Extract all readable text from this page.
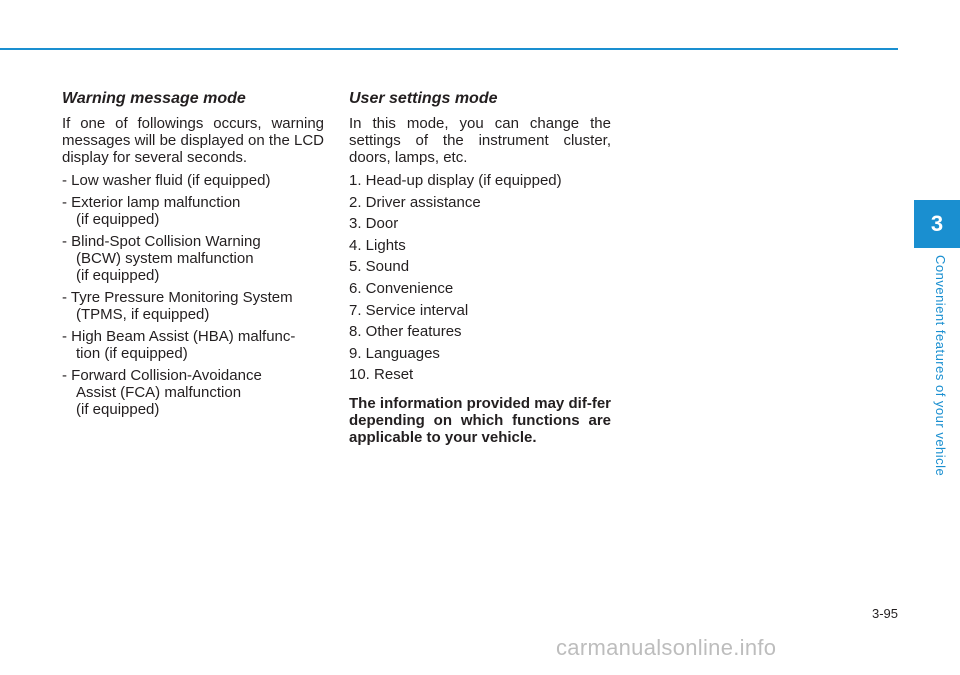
Warning message mode
If one of followings occurs, warning messages will be displayed on the LCD display for several seconds.
- Low washer fluid (if equipped)
- Exterior lamp malfunction
(if equipped)
- Blind-Spot Collision Warning
(BCW) system malfunction
(if equipped)
- Tyre Pressure Monitoring System
(TPMS, if equipped)
- High Beam Assist (HBA) malfunc-
tion (if equipped)
- Forward Collision-Avoidance
Assist (FCA) malfunction
(if equipped)
User settings mode
In this mode, you can change the settings of the instrument cluster, doors, lamps, etc.
1. Head-up display (if equipped)
2. Driver assistance
3. Door
4. Lights
5. Sound
6. Convenience
7. Service interval
8. Other features
9. Languages
10. Reset
The information provided may dif-fer depending on which functions are applicable to your vehicle.
3
Convenient features of your vehicle
3-95
carmanualsonline.info
